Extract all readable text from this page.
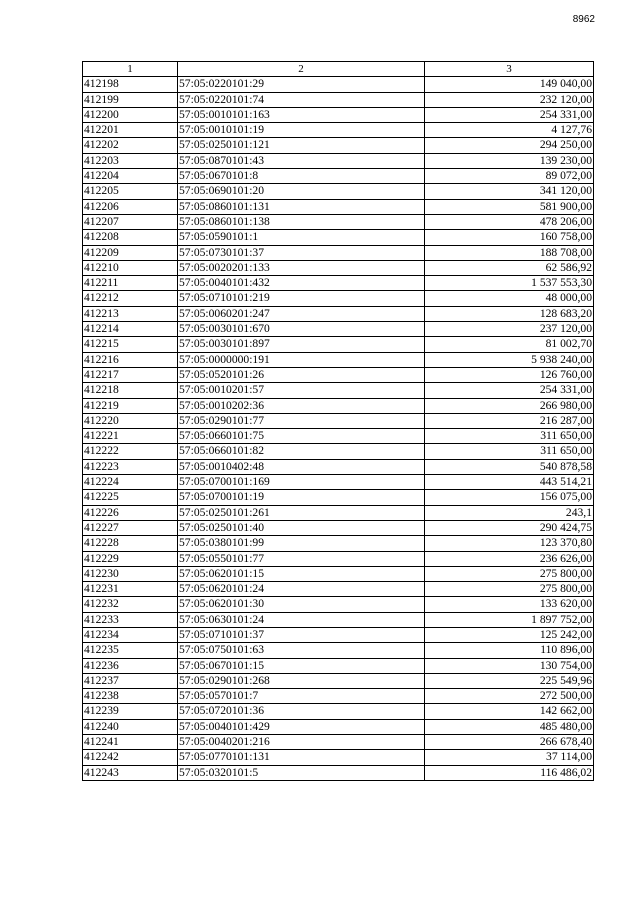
8962
1	2	3
412198	57:05:0220101:29	149 040,00
412199	57:05:0220101:74	232 120,00
412200	57:05:0010101:163	254 331,00
412201	57:05:0010101:19	4 127,76
412202	57:05:0250101:121	294 250,00
412203	57:05:0870101:43	139 230,00
412204	57:05:0670101:8	89 072,00
412205	57:05:0690101:20	341 120,00
412206	57:05:0860101:131	581 900,00
412207	57:05:0860101:138	478 206,00
412208	57:05:0590101:1	160 758,00
412209	57:05:0730101:37	188 708,00
412210	57:05:0020201:133	62 586,92
412211	57:05:0040101:432	1 537 553,30
412212	57:05:0710101:219	48 000,00
412213	57:05:0060201:247	128 683,20
412214	57:05:0030101:670	237 120,00
412215	57:05:0030101:897	81 002,70
412216	57:05:0000000:191	5 938 240,00
412217	57:05:0520101:26	126 760,00
412218	57:05:0010201:57	254 331,00
412219	57:05:0010202:36	266 980,00
412220	57:05:0290101:77	216 287,00
412221	57:05:0660101:75	311 650,00
412222	57:05:0660101:82	311 650,00
412223	57:05:0010402:48	540 878,58
412224	57:05:0700101:169	443 514,21
412225	57:05:0700101:19	156 075,00
412226	57:05:0250101:261	243,1
412227	57:05:0250101:40	290 424,75
412228	57:05:0380101:99	123 370,80
412229	57:05:0550101:77	236 626,00
412230	57:05:0620101:15	275 800,00
412231	57:05:0620101:24	275 800,00
412232	57:05:0620101:30	133 620,00
412233	57:05:0630101:24	1 897 752,00
412234	57:05:0710101:37	125 242,00
412235	57:05:0750101:63	110 896,00
412236	57:05:0670101:15	130 754,00
412237	57:05:0290101:268	225 549,96
412238	57:05:0570101:7	272 500,00
412239	57:05:0720101:36	142 662,00
412240	57:05:0040101:429	485 480,00
412241	57:05:0040201:216	266 678,40
412242	57:05:0770101:131	37 114,00
412243	57:05:0320101:5	116 486,02
